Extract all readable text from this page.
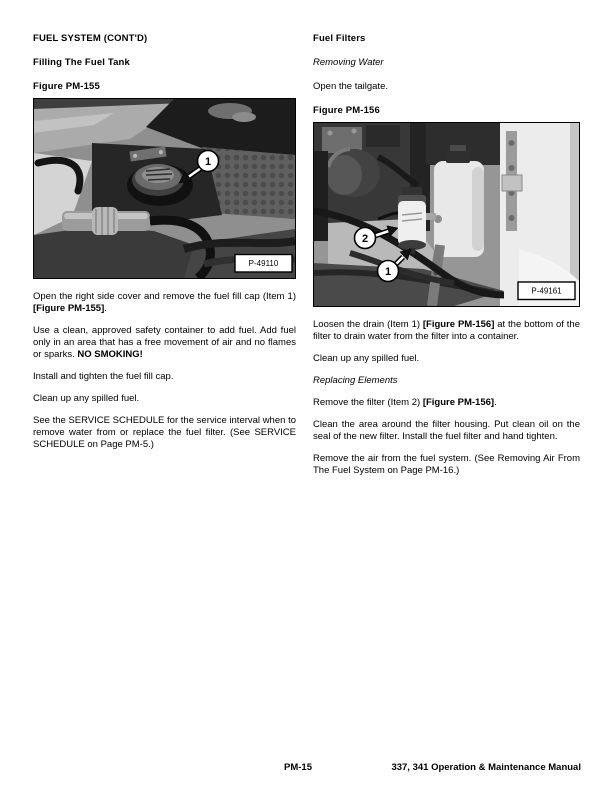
FUEL SYSTEM (CONT'D)
Filling The Fuel Tank
Figure PM-155
1
P-49110

Open the right side cover and remove the fuel fill cap (Item 1) [Figure PM-155].

Use a clean, approved safety container to add fuel. Add fuel only in an area that has a free movement of air and no flames or sparks. NO SMOKING!

Install and tighten the fuel fill cap.

Clean up any spilled fuel.

See the SERVICE SCHEDULE for the service interval when to remove water from or replace the fuel filter. (See SERVICE SCHEDULE on Page PM-5.)

Fuel Filters
Removing Water

Open the tailgate.

Figure PM-156
2
1
P-49161

Loosen the drain (Item 1) [Figure PM-156] at the bottom of the filter to drain water from the filter into a container.

Clean up any spilled fuel.

Replacing Elements

Remove the filter (Item 2) [Figure PM-156].

Clean the area around the filter housing. Put clean oil on the seal of the new filter. Install the fuel filter and hand tighten.

Remove the air from the fuel system. (See Removing Air From The Fuel System on Page PM-16.)

PM-15	337, 341 Operation & Maintenance Manual
